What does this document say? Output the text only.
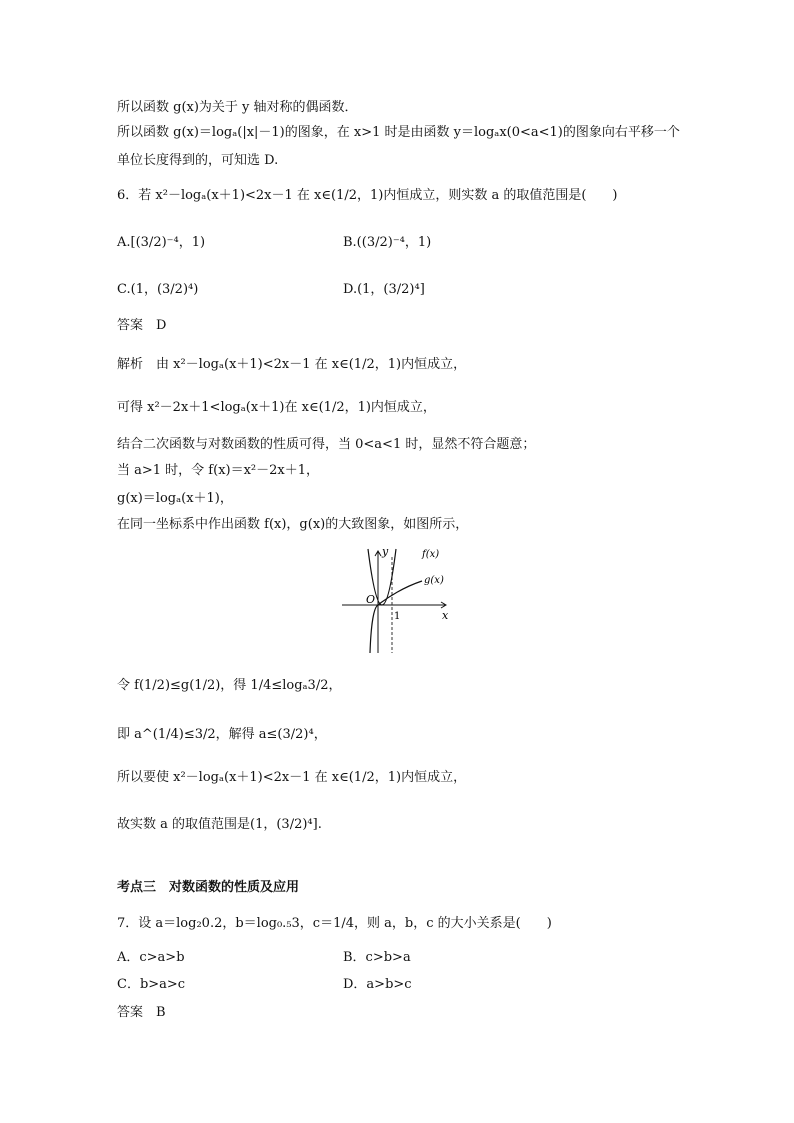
所以函数 g(x)为关于 y 轴对称的偶函数．
所以函数 g(x)＝logₐ(|x|－1)的图象，在 x>1 时是由函数 y＝logₐx(0<a<1)的图象向右平移一个
单位长度得到的，可知选 D.
6．若 x²－logₐ(x＋1)<2x－1 在 x∈(1/2，1)内恒成立，则实数 a 的取值范围是(　　)
A.[(3/2)⁻⁴，1)	B.((3/2)⁻⁴，1)
C.(1，(3/2)⁴)	D.(1，(3/2)⁴]
答案　D
解析　由 x²－logₐ(x＋1)<2x－1 在 x∈(1/2，1)内恒成立，
可得 x²－2x＋1<logₐ(x＋1)在 x∈(1/2，1)内恒成立，
结合二次函数与对数函数的性质可得，当 0<a<1 时，显然不符合题意；
当 a>1 时，令 f(x)＝x²－2x＋1，
g(x)＝logₐ(x＋1)，
在同一坐标系中作出函数 f(x)，g(x)的大致图象，如图所示，
y
x
O
1
f(x)
g(x)
令 f(1/2)≤g(1/2)，得 1/4≤logₐ3/2，
即 a^(1/4)≤3/2，解得 a≤(3/2)⁴，
所以要使 x²－logₐ(x＋1)<2x－1 在 x∈(1/2，1)内恒成立，
故实数 a 的取值范围是(1，(3/2)⁴].
考点三　对数函数的性质及应用
7．设 a＝log₂0.2，b＝log₀.₅3，c＝1/4，则 a，b，c 的大小关系是(　　)
A．c>a>b	B．c>b>a
C．b>a>c	D．a>b>c
答案　B
